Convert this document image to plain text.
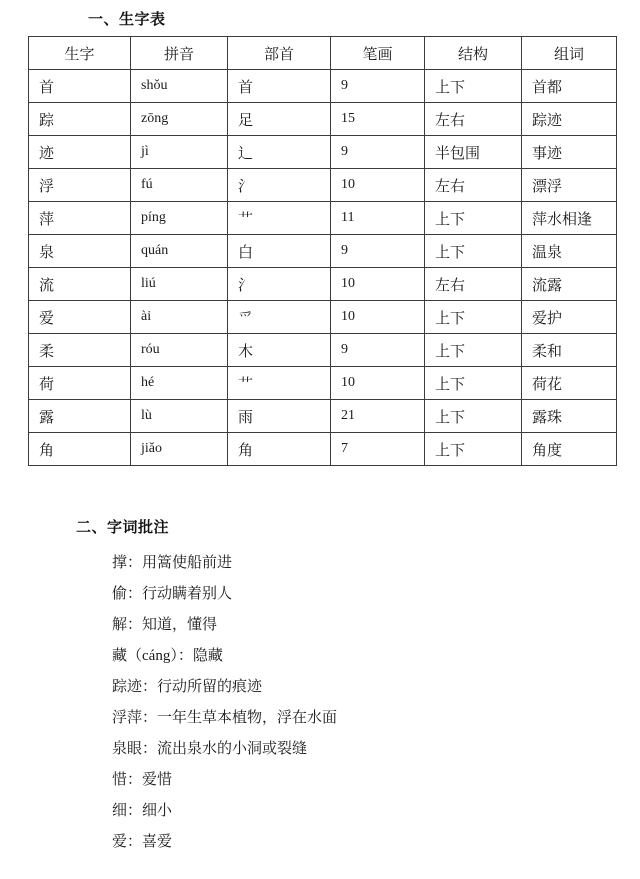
一、生字表
生字	拼音	部首	笔画	结构	组词
首	shǒu	首	9	上下	首都
踪	zōng	足	15	左右	踪迹
迹	jì	辶	9	半包围	事迹
浮	fú	氵	10	左右	漂浮
萍	píng	艹	11	上下	萍水相逢
泉	quán	白	9	上下	温泉
流	liú	氵	10	左右	流露
爱	ài	爫	10	上下	爱护
柔	róu	木	9	上下	柔和
荷	hé	艹	10	上下	荷花
露	lù	雨	21	上下	露珠
角	jiǎo	角	7	上下	角度
二、字词批注
撑：用篙使船前进
偷：行动瞒着别人
解：知道，懂得
藏（cáng）：隐藏
踪迹：行动所留的痕迹
浮萍：一年生草本植物，浮在水面
泉眼：流出泉水的小洞或裂缝
惜：爱惜
细：细小
爱：喜爱
